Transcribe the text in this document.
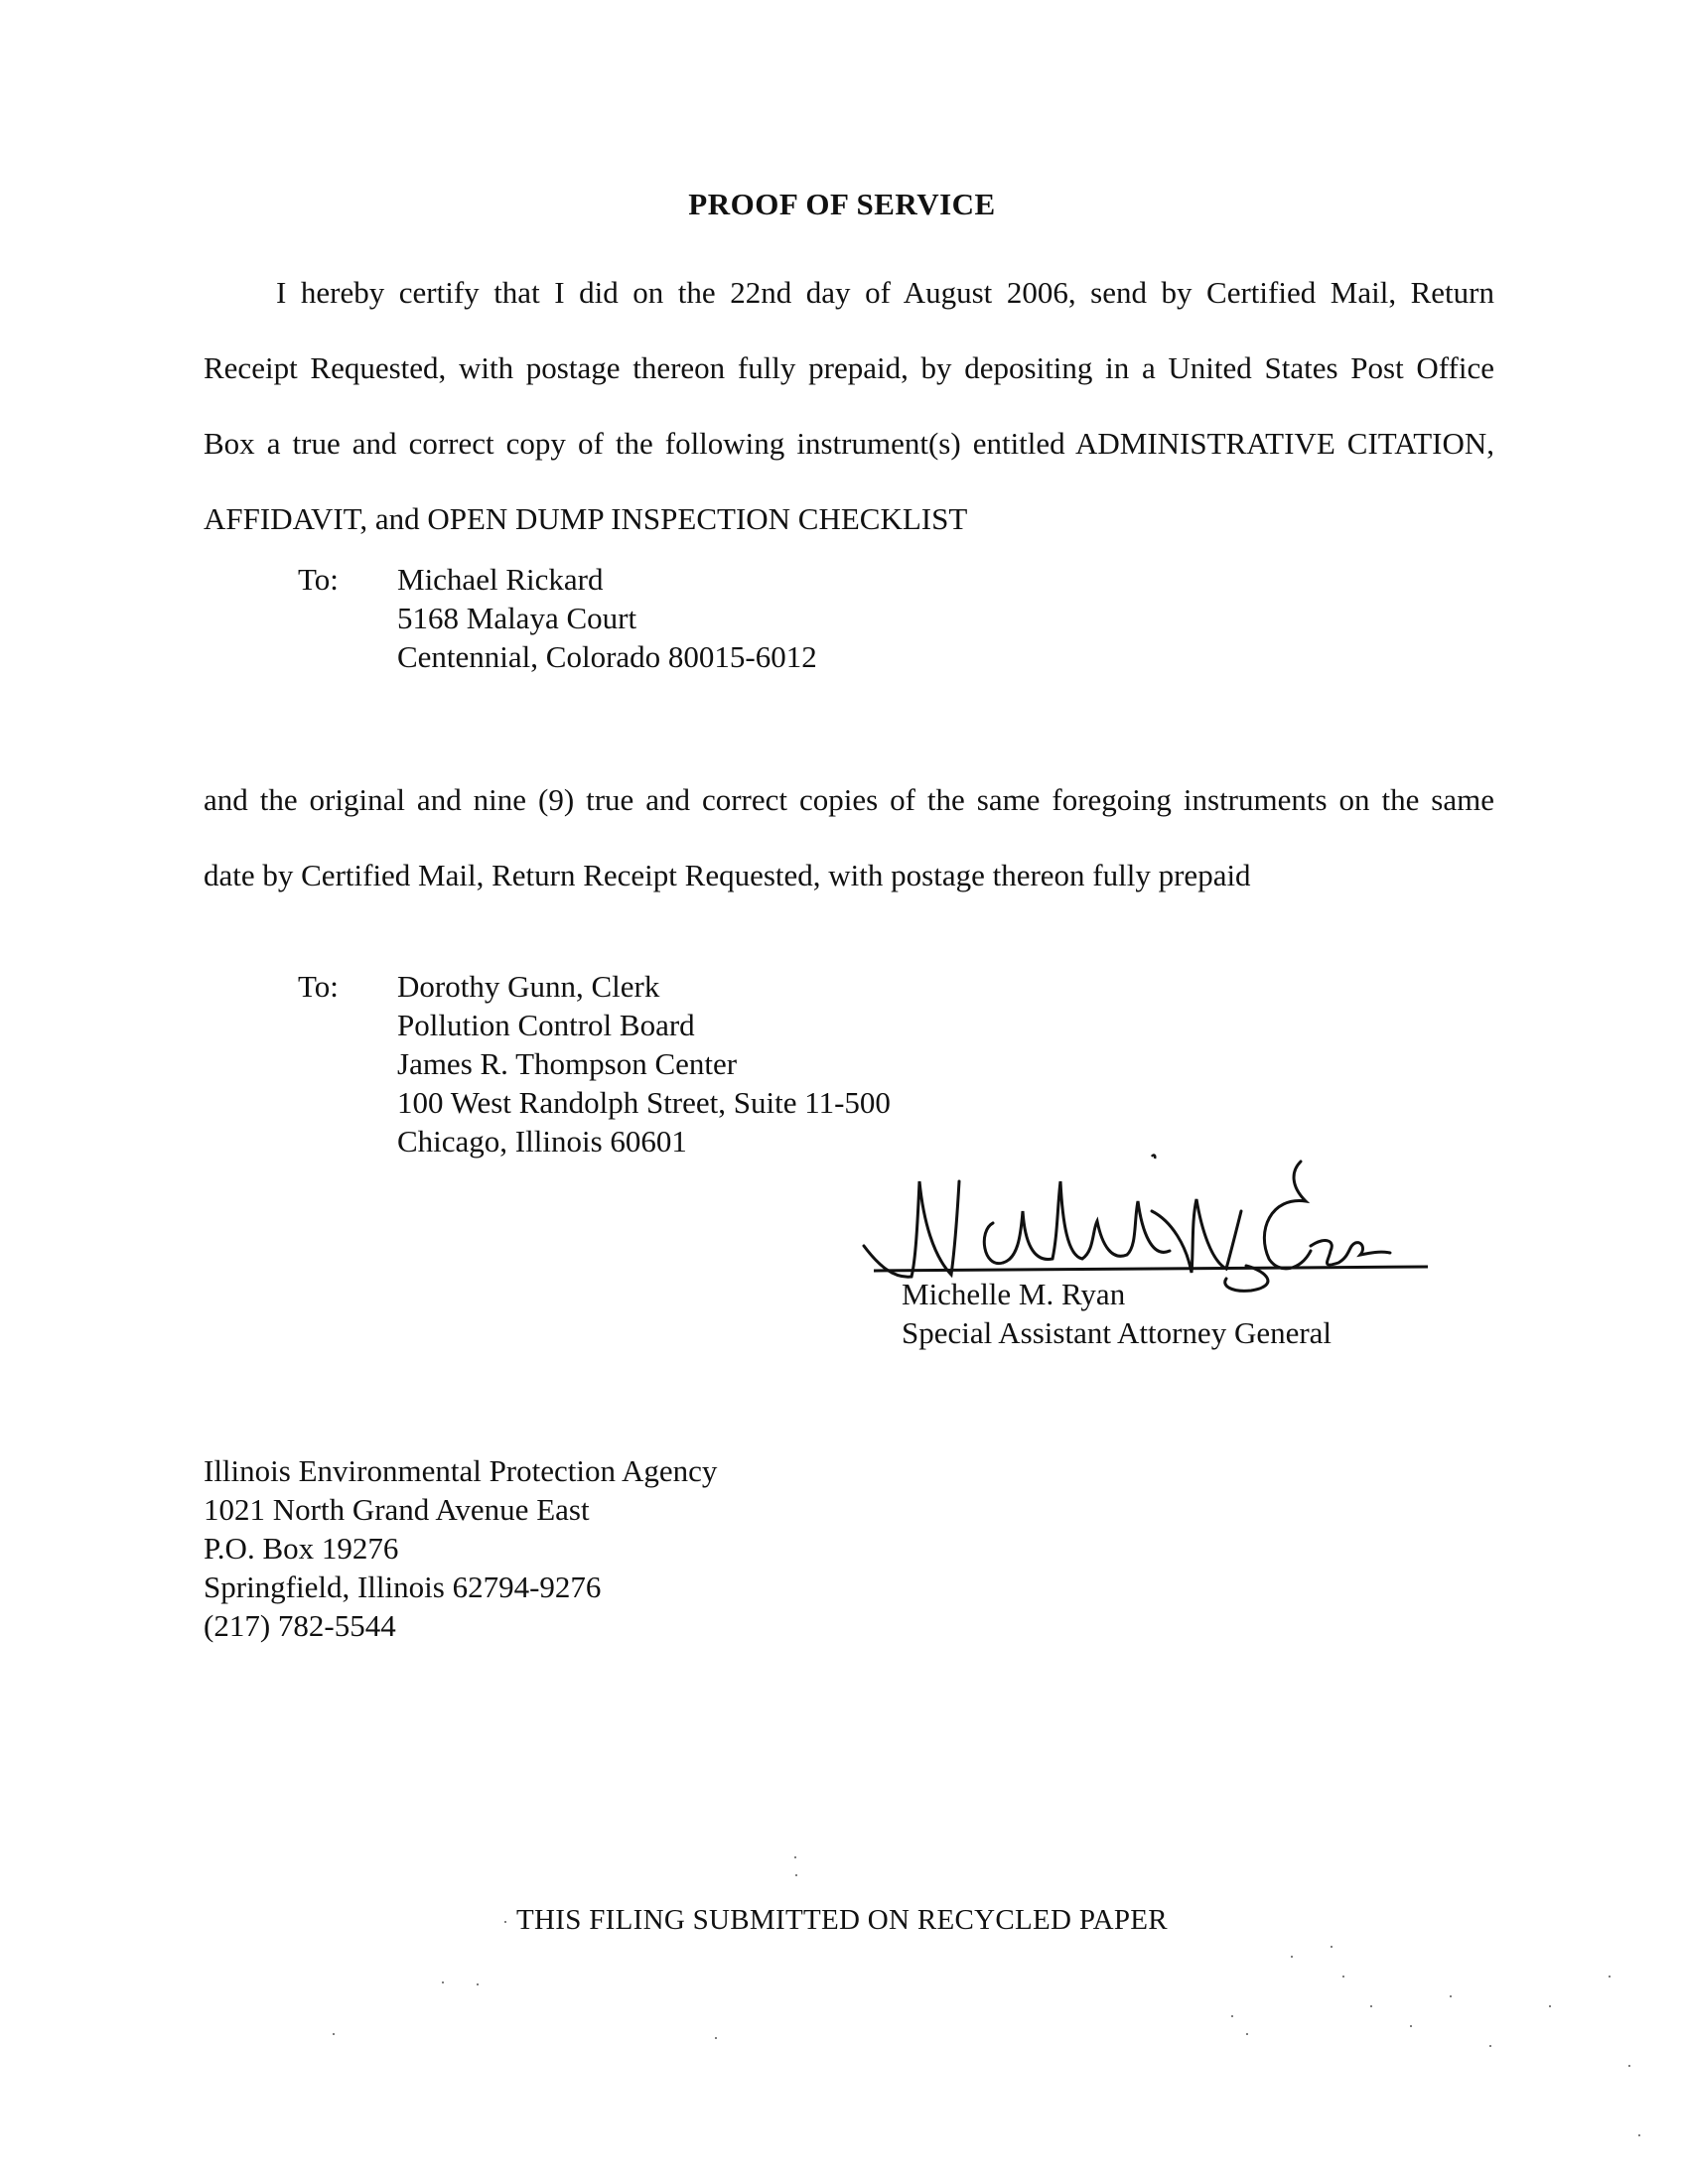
PROOF OF SERVICE
I hereby certify that I did on the 22nd day of August 2006, send by Certified Mail, Return
Receipt Requested, with postage thereon fully prepaid, by depositing in a United States Post Office
Box a true and correct copy of the following instrument(s) entitled ADMINISTRATIVE CITATION,
AFFIDAVIT, and OPEN DUMP INSPECTION CHECKLIST
To:	Michael Rickard
5168 Malaya Court
Centennial, Colorado 80015-6012
and the original and nine (9) true and correct copies of the same foregoing instruments on the same
date by Certified Mail, Return Receipt Requested, with postage thereon fully prepaid
To:	Dorothy Gunn, Clerk
Pollution Control Board
James R. Thompson Center
100 West Randolph Street, Suite 11-500
Chicago, Illinois 60601
Michelle M. Ryan
Special Assistant Attorney General
Illinois Environmental Protection Agency
1021 North Grand Avenue East
P.O. Box 19276
Springfield, Illinois 62794-9276
(217) 782-5544
THIS FILING SUBMITTED ON RECYCLED PAPER
